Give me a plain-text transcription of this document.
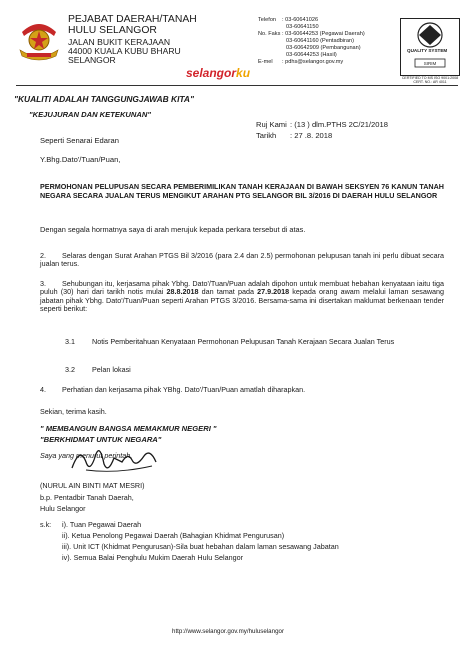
PEJABAT DAERAH/TANAH
HULU SELANGOR
JALAN BUKIT KERAJAAN
44000 KUALA KUBU BHARU
SELANGOR
Telefon : 03-60641026
03-60641150
No. Faks : 03-60644253 (Pegawai Daerah)
03-60641160 (Pentadbiran)
03-60642909 (Pembangunan)
03-60644253 (Hasil)
E-mel : pdhs@selangor.gov.my	SIRIM
QUALITY SYSTEM
CERTIFIED TO MS ISO 9001:2008 CERT. NO.: AR 4011
selangorku
"KUALITI ADALAH TANGGUNGJAWAB KITA"
"KEJUJURAN DAN KETEKUNAN"
Ruj Kami : (13 ) dlm.PTHS 2C/21/2018
Tarikh : 27 .8. 2018
Seperti Senarai Edaran
Y.Bhg.Dato'/Tuan/Puan,
PERMOHONAN PELUPUSAN SECARA PEMBERIMILIKAN TANAH KERAJAAN DI BAWAH SEKSYEN 76 KANUN TANAH NEGARA SECARA JUALAN TERUS MENGIKUT ARAHAN PTG SELANGOR BIL 3/2016 DI DAERAH HULU SELANGOR
Dengan segala hormatnya saya di arah merujuk kepada perkara tersebut di atas.
2.	Selaras dengan Surat Arahan PTGS Bil 3/2016 (para 2.4 dan 2.5) permohonan pelupusan tanah ini perlu dibuat secara jualan terus.
3.	Sehubungan itu, kerjasama pihak Ybhg. Dato'/Tuan/Puan adalah dipohon untuk membuat hebahan kenyataan iaitu tiga puluh (30) hari dari tarikh notis mulai 28.8.2018 dan tamat pada 27.9.2018 kepada orang awam melalui laman sesawang jabatan pihak Ybhg. Dato'/Tuan/Puan seperti Arahan PTGS 3/2016. Bersama-sama ini disertakan maklumat berkenaan tender seperti berikut:
3.1 Notis Pemberitahuan Kenyataan Permohonan Pelupusan Tanah Kerajaan Secara Jualan Terus
3.2 Pelan lokasi
4. Perhatian dan kerjasama pihak YBhg. Dato'/Tuan/Puan amatlah diharapkan.
Sekian, terima kasih.
" MEMBANGUN BANGSA MEMAKMUR NEGERI "
"BERKHIDMAT UNTUK NEGARA"
Saya yang menurut perintah,
(NURUL AIN BINTI MAT MESRI)
b.p. Pentadbir Tanah Daerah,
Hulu Selangor
s.k: i). Tuan Pegawai Daerah
ii). Ketua Penolong Pegawai Daerah (Bahagian Khidmat Pengurusan)
iii). Unit ICT (Khidmat Pengurusan)-Sila buat hebahan dalam laman sesawang Jabatan
iv). Semua Balai Penghulu Mukim Daerah Hulu Selangor
http://www.selangor.gov.my/huluselangor
